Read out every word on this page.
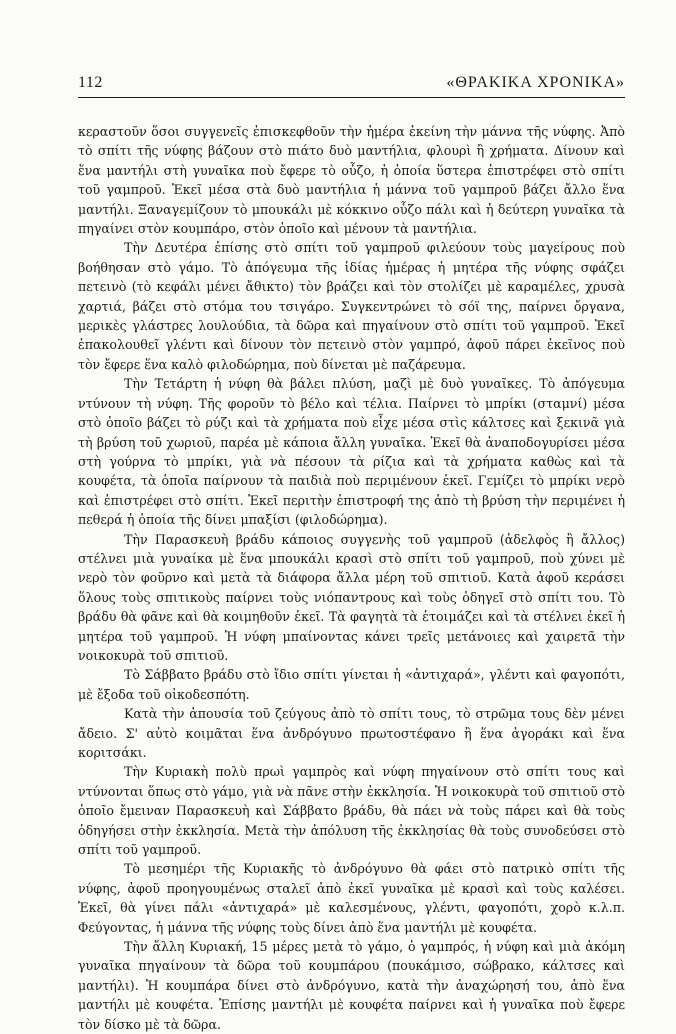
112	«ΘΡΑΚΙΚΑ ΧΡΟΝΙΚΑ»

κεραστοῦν ὅσοι συγγενεῖς ἐπισκεφθοῦν τὴν ἡμέρα ἐκείνη τὴν μάννα τῆς νύφης. Ἀπὸ τὸ σπίτι τῆς νύφης βάζουν στὸ πιάτο δυὸ μαντήλια, φλουρὶ ἢ χρήματα. Δίνουν καὶ ἕνα μαντήλι στὴ γυναῖκα ποὺ ἔφερε τὸ οὖζο, ἡ ὁποία ὕστερα ἐπιστρέφει στὸ σπίτι τοῦ γαμπροῦ. Ἐκεῖ μέσα στὰ δυὸ μαντήλια ἡ μάννα τοῦ γαμπροῦ βάζει ἄλλο ἕνα μαντήλι. Ξαναγεμίζουν τὸ μπουκάλι μὲ κόκκινο οὖζο πάλι καὶ ἡ δεύτερη γυναῖκα τὰ πηγαίνει στὸν κουμπάρο, στὸν ὁποῖο καὶ μένουν τὰ μαντήλια.

Τὴν Δευτέρα ἐπίσης στὸ σπίτι τοῦ γαμπροῦ φιλεύουν τοὺς μαγείρους ποὺ βοήθησαν στὸ γάμο. Τὸ ἀπόγευμα τῆς ἰδίας ἡμέρας ἡ μητέρα τῆς νύφης σφάζει πετεινὸ (τὸ κεφάλι μένει ἄθικτο) τὸν βράζει καὶ τὸν στολίζει μὲ καραμέλες, χρυσὰ χαρτιά, βάζει στὸ στόμα του τσιγάρο. Συγκεντρώνει τὸ σόϊ της, παίρνει ὄργανα, μερικὲς γλάστρες λουλούδια, τὰ δῶρα καὶ πηγαίνουν στὸ σπίτι τοῦ γαμπροῦ. Ἐκεῖ ἐπακολουθεῖ γλέντι καὶ δίνουν τὸν πετεινὸ στὸν γαμπρό, ἀφοῦ πάρει ἐκεῖνος ποὺ τὸν ἔφερε ἕνα καλὸ φιλοδώρημα, ποὺ δίνεται μὲ παζάρευμα.

Τὴν Τετάρτη ἡ νύφη θὰ βάλει πλύση, μαζὶ μὲ δυὸ γυναῖκες. Τὸ ἀπόγευμα ντύνουν τὴ νύφη. Τῆς φοροῦν τὸ βέλο καὶ τέλια. Παίρνει τὸ μπρίκι (σταμνί) μέσα στὸ ὁποῖο βάζει τὸ ρύζι καὶ τὰ χρήματα ποὺ εἶχε μέσα στὶς κάλτσες καὶ ξεκινᾶ γιὰ τὴ βρύση τοῦ χωριοῦ, παρέα μὲ κάποια ἄλλη γυναῖκα. Ἐκεῖ θὰ ἀναποδογυρίσει μέσα στὴ γούρνα τὸ μπρίκι, γιὰ νὰ πέσουν τὰ ρίζια καὶ τὰ χρήματα καθὼς καὶ τὰ κουφέτα, τὰ ὁποῖα παίρνουν τὰ παιδιὰ ποὺ περιμένουν ἐκεῖ. Γεμίζει τὸ μπρίκι νερὸ καὶ ἐπιστρέφει στὸ σπίτι. Ἐκεῖ περιτὴν ἐπιστροφή της ἀπὸ τὴ βρύση τὴν περιμένει ἡ πεθερά ἡ ὁποία τῆς δίνει μπαξίσι (φιλοδώρημα).

Τὴν Παρασκευὴ βράδυ κάποιος συγγενὴς τοῦ γαμπροῦ (ἀδελφὸς ἢ ἄλλος) στέλνει μιὰ γυναίκα μὲ ἕνα μπουκάλι κρασὶ στὸ σπίτι τοῦ γαμπροῦ, ποὺ χύνει μὲ νερὸ τὸν φοῦρνο καὶ μετὰ τὰ διάφορα ἄλλα μέρη τοῦ σπιτιοῦ. Κατὰ ἀφοῦ κεράσει ὅλους τοὺς σπιτικοὺς παίρνει τοὺς νιόπαντρους καὶ τοὺς ὁδηγεῖ στὸ σπίτι του. Τὸ βράδυ θὰ φᾶνε καὶ θὰ κοιμηθοῦν ἐκεῖ. Τὰ φαγητὰ τὰ ἑτοιμάζει καὶ τὰ στέλνει ἐκεῖ ἡ μητέρα τοῦ γαμπροῦ. Ἡ νύφη μπαίνοντας κάνει τρεῖς μετάνοιες καὶ χαιρετᾶ τὴν νοικοκυρὰ τοῦ σπιτιοῦ.

Τὸ Σάββατο βράδυ στὸ ἴδιο σπίτι γίνεται ἡ «ἀντιχαρά», γλέντι καὶ φαγοπότι, μὲ ἔξοδα τοῦ οἰκοδεσπότη.

Κατὰ τὴν ἀπουσία τοῦ ζεύγους ἀπὸ τὸ σπίτι τους, τὸ στρῶμα τους δὲν μένει ἄδειο. Σ' αὐτὸ κοιμᾶται ἕνα ἀνδρόγυνο πρωτοστέφανο ἢ ἕνα ἀγοράκι καὶ ἕνα κοριτσάκι.

Τὴν Κυριακὴ πολὺ πρωὶ γαμπρὸς καὶ νύφη πηγαίνουν στὸ σπίτι τους καὶ ντύνονται ὅπως στὸ γάμο, γιὰ νὰ πᾶνε στὴν ἐκκλησία. Ἡ νοικοκυρὰ τοῦ σπιτιοῦ στὸ ὁποῖο ἔμειναν Παρασκευὴ καὶ Σάββατο βράδυ, θὰ πάει νὰ τοὺς πάρει καὶ θὰ τοὺς ὁδηγήσει στὴν ἐκκλησία. Μετὰ τὴν ἀπόλυση τῆς ἐκκλησίας θὰ τοὺς συνοδεύσει στὸ σπίτι τοῦ γαμπροῦ.

Τὸ μεσημέρι τῆς Κυριακῆς τὸ ἀνδρόγυνο θὰ φάει στὸ πατρικὸ σπίτι τῆς νύφης, ἀφοῦ προηγουμένως σταλεῖ ἀπὸ ἐκεῖ γυναῖκα μὲ κρασὶ καὶ τοὺς καλέσει. Ἐκεῖ, θὰ γίνει πάλι «ἀντιχαρά» μὲ καλεσμένους, γλέντι, φαγοπότι, χορὸ κ.λ.π. Φεύγοντας, ἡ μάννα τῆς νύφης τοὺς δίνει ἀπὸ ἕνα μαντήλι μὲ κουφέτα.

Τὴν ἄλλη Κυριακή, 15 μέρες μετὰ τὸ γάμο, ὁ γαμπρός, ἡ νύφη καὶ μιὰ ἀκόμη γυναῖκα πηγαίνουν τὰ δῶρα τοῦ κουμπάρου (πουκάμισο, σώβρακο, κάλτσες καὶ μαντήλι). Ἡ κουμπάρα δίνει στὸ ἀνδρόγυνο, κατὰ τὴν ἀναχώρησή του, ἀπὸ ἕνα μαντήλι μὲ κουφέτα. Ἐπίσης μαντήλι μὲ κουφέτα παίρνει καὶ ἡ γυναῖκα ποὺ ἔφερε τὸν δίσκο μὲ τὰ δῶρα.
